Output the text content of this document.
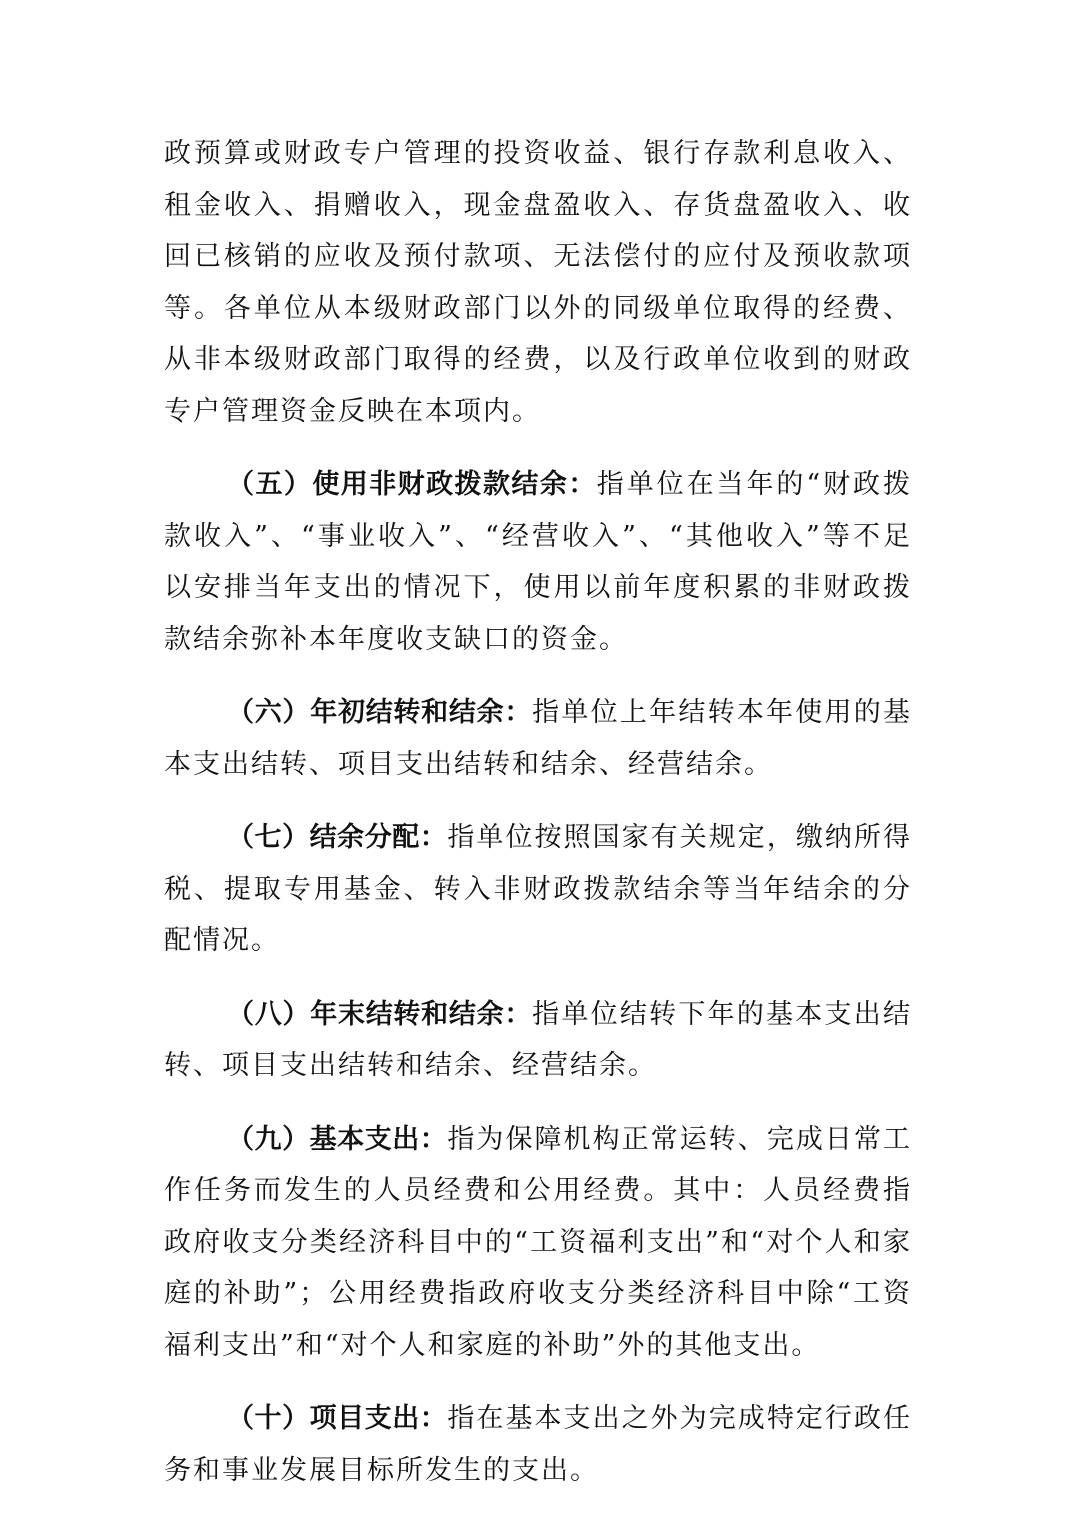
政预算或财政专户管理的投资收益、银行存款利息收入、租金收入、捐赠收入，现金盘盈收入、存货盘盈收入、收回已核销的应收及预付款项、无法偿付的应付及预收款项等。各单位从本级财政部门以外的同级单位取得的经费、从非本级财政部门取得的经费，以及行政单位收到的财政专户管理资金反映在本项内。

（五）使用非财政拨款结余：指单位在当年的“财政拨款收入”、“事业收入”、“经营收入”、“其他收入”等不足以安排当年支出的情况下，使用以前年度积累的非财政拨款结余弥补本年度收支缺口的资金。

（六）年初结转和结余：指单位上年结转本年使用的基本支出结转、项目支出结转和结余、经营结余。

（七）结余分配：指单位按照国家有关规定，缴纳所得税、提取专用基金、转入非财政拨款结余等当年结余的分配情况。

（八）年末结转和结余：指单位结转下年的基本支出结转、项目支出结转和结余、经营结余。

（九）基本支出：指为保障机构正常运转、完成日常工作任务而发生的人员经费和公用经费。其中：人员经费指政府收支分类经济科目中的“工资福利支出”和“对个人和家庭的补助”；公用经费指政府收支分类经济科目中除“工资福利支出”和“对个人和家庭的补助”外的其他支出。

（十）项目支出：指在基本支出之外为完成特定行政任务和事业发展目标所发生的支出。
